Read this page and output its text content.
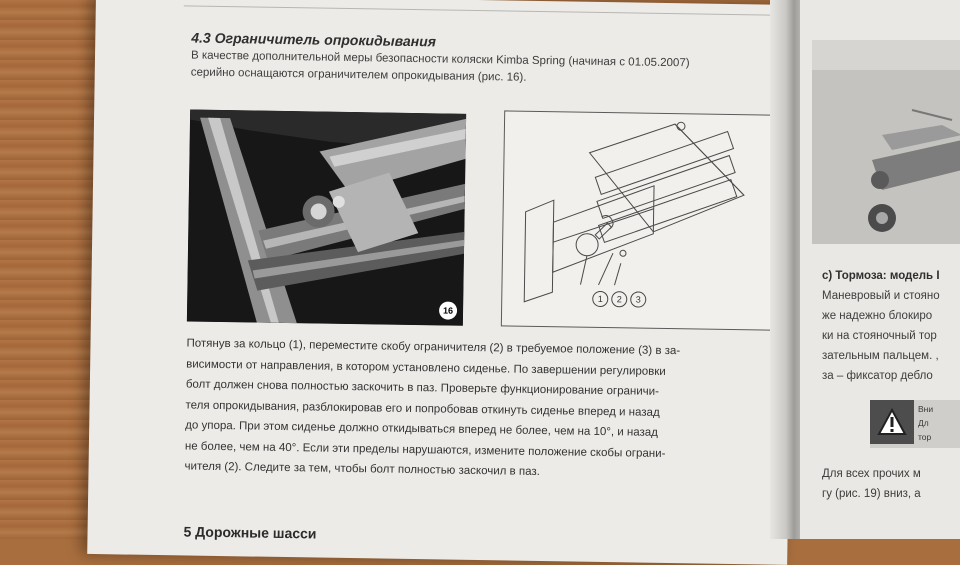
4.3 Ограничитель опрокидывания
В качестве дополнительной меры безопасности коляски Kimba Spring (начиная с 01.05.2007)
серийно оснащаются ограничителем опрокидывания (рис. 16).
16
1	2	3
Потянув за кольцо (1), переместите скобу ограничителя (2) в требуемое положение (3) в за-
висимости от направления, в котором установлено сиденье. По завершении регулировки
болт должен снова полностью заскочить в паз. Проверьте функционирование ограничи-
теля опрокидывания, разблокировав его и попробовав откинуть сиденье вперед и назад
до упора. При этом сиденье должно откидываться вперед не более, чем на 10°, и назад
не более, чем на 40°. Если эти пределы нарушаются, измените положение скобы ограни-
чителя (2). Следите за тем, чтобы болт полностью заскочил в паз.
5 Дорожные шасси
c) Тормоза: модель I
Маневровый и стояно
же надежно блокиро
ки на стояночный тор
зательным пальцем. ,
за – фиксатор дебло
Вни
Дл
тор
Для всех прочих м
гу (рис. 19) вниз, а
